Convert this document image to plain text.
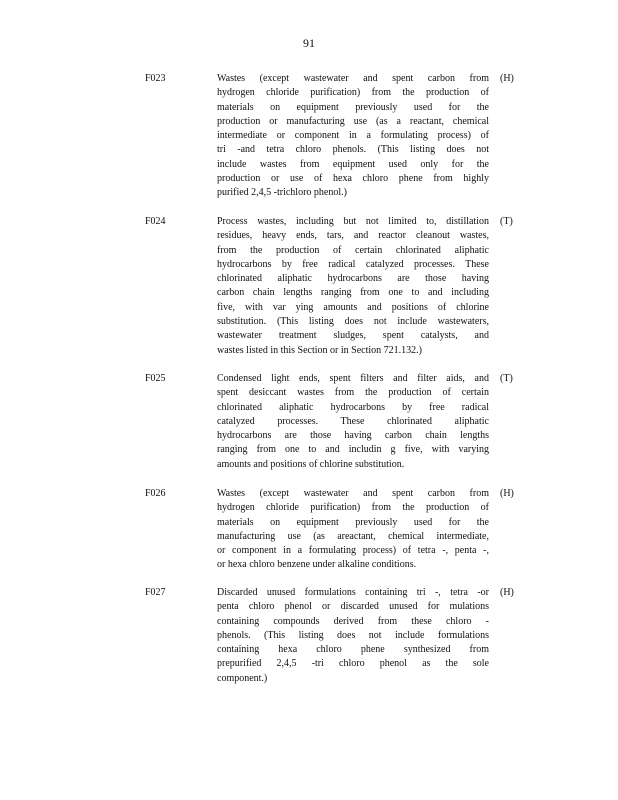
91
F023	Wastes (except wastewater and spent carbon from
hydrogen chloride purification) from the production of
materials on equipment previously used for the
production or manufacturing use (as a reactant, chemical
intermediate or component in a formulating process) of
tri -and tetra chloro phenols. (This listing does not
include wastes from equipment used only for the
production or use of hexa chloro phene from highly
purified 2,4,5 -trichloro phenol.)
(H)
F024	Process wastes, including but not limited to, distillation
residues, heavy ends, tars, and reactor cleanout wastes,
from the production of certain chlorinated aliphatic
hydrocarbons by free radical catalyzed processes. These
chlorinated aliphatic hydrocarbons are those having
carbon chain lengths ranging from one to and including
five, with var ying amounts and positions of chlorine
substitution. (This listing does not include wastewaters,
wastewater treatment sludges, spent catalysts, and
wastes listed in this Section or in Section 721.132.)
(T)
F025	Condensed light ends, spent filters and filter aids, and
spent desiccant wastes from the production of certain
chlorinated aliphatic hydrocarbons by free radical
catalyzed processes. These chlorinated aliphatic
hydrocarbons are those having carbon chain lengths
ranging from one to and includin g five, with varying
amounts and positions of chlorine substitution.
(T)
F026	Wastes (except wastewater and spent carbon from
hydrogen chloride purification) from the production of
materials on equipment previously used for the
manufacturing use (as areactant, chemical intermediate,
or component in a formulating process) of tetra -, penta -,
or hexa chloro benzene under alkaline conditions.
(H)
F027	Discarded unused formulations containing tri -, tetra -or
penta chloro phenol or discarded unused for mulations
containing compounds derived from these chloro -
phenols. (This listing does not include formulations
containing hexa chloro phene synthesized from
prepurified 2,4,5 -tri chloro phenol as the sole
component.)
(H)
